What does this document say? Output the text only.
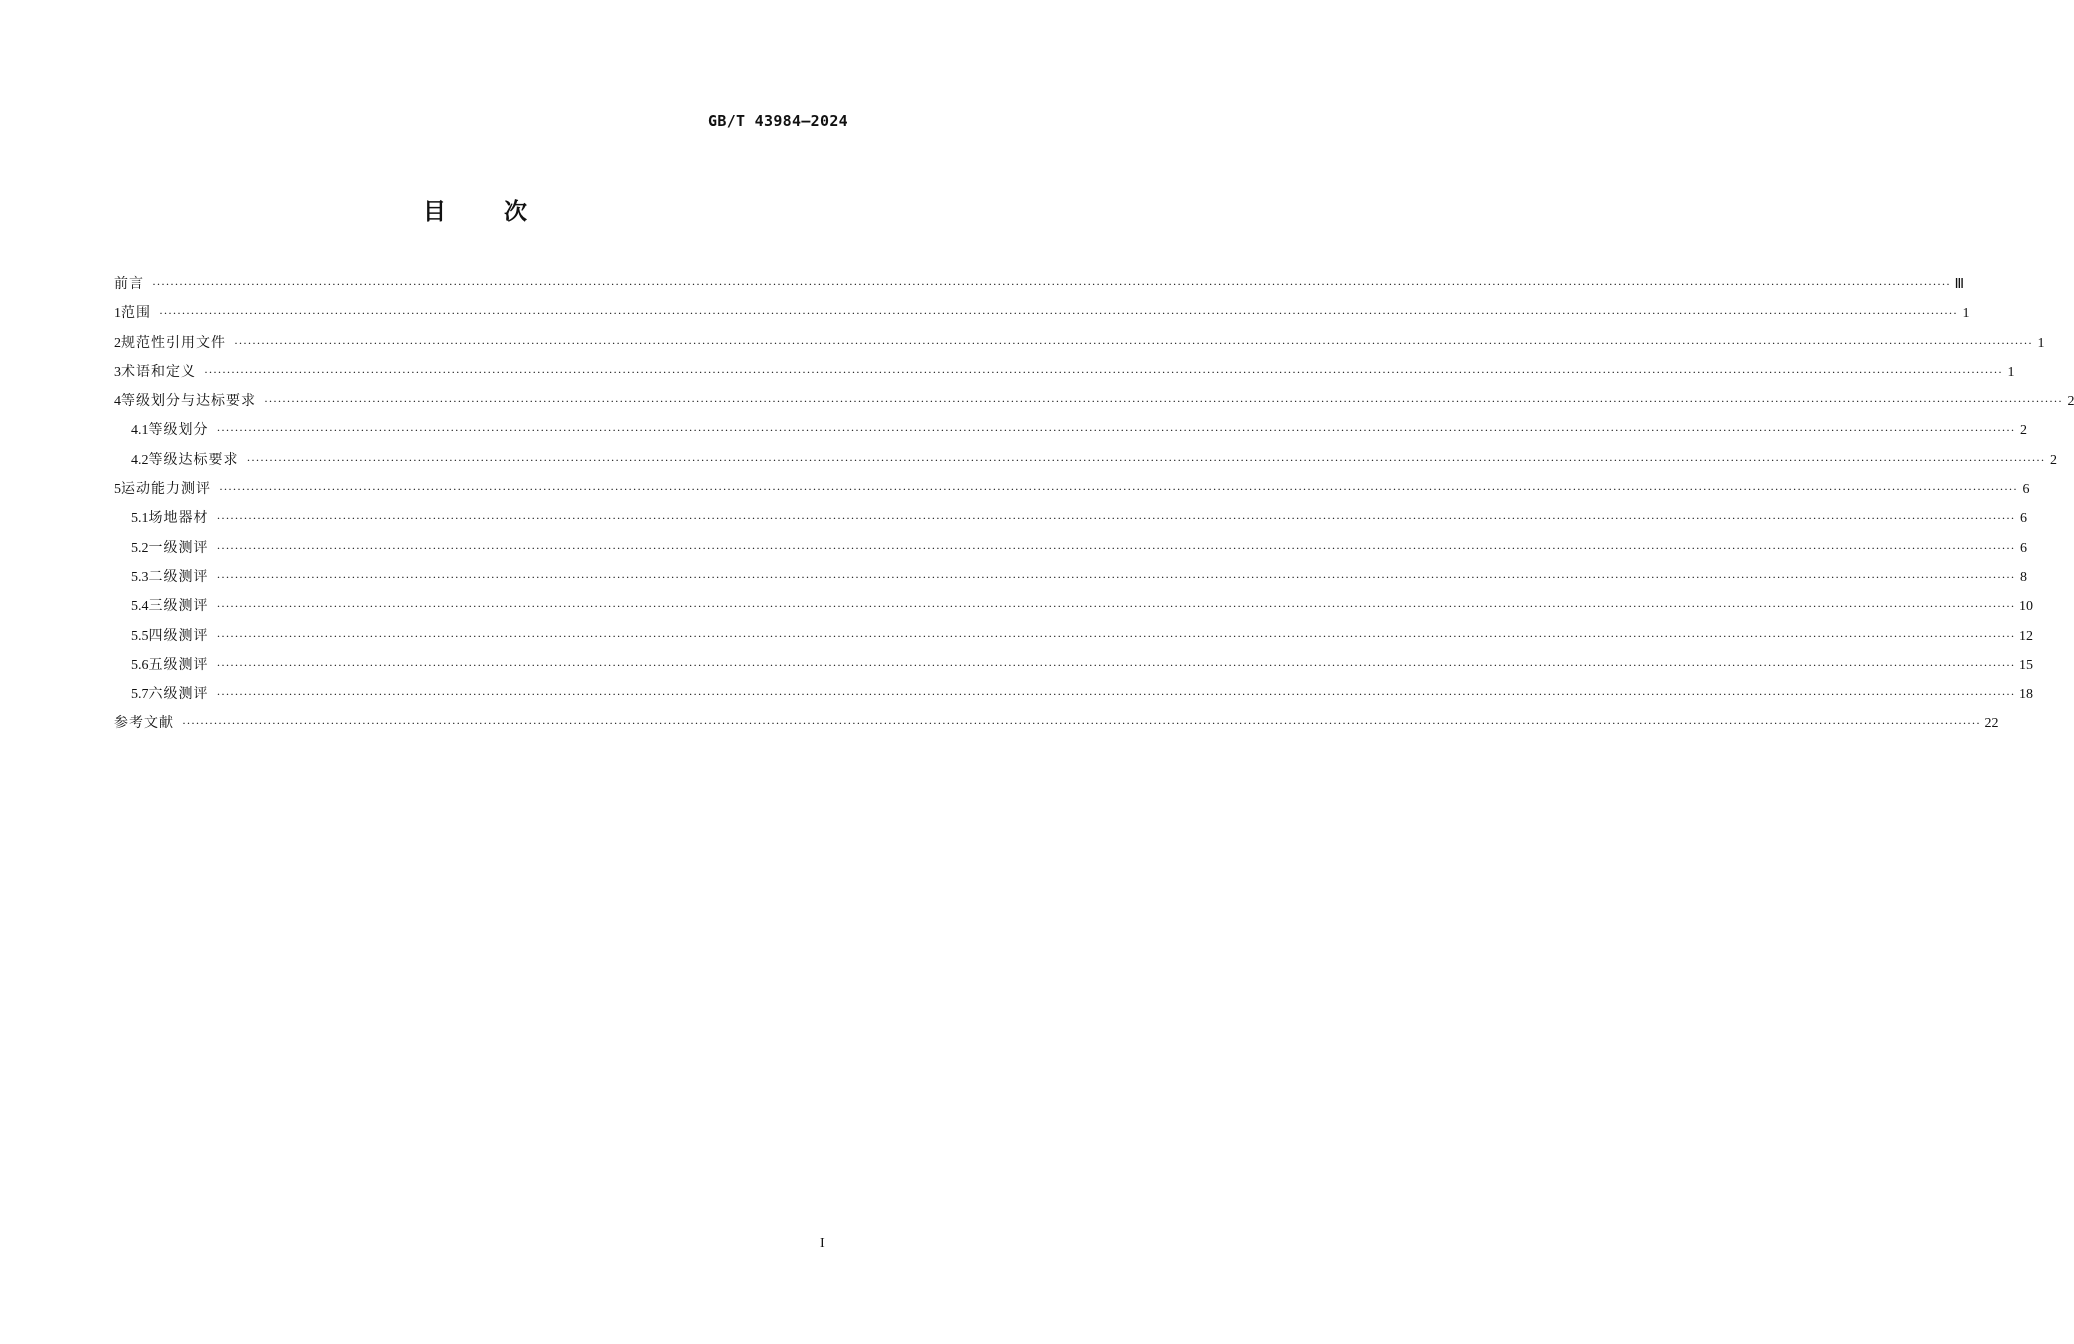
GB/T 43984—2024
目	次
前言 ················································································································································································································································································································································································································ Ⅲ
1 范围 ················································································································································································································································································································································································································ 1
2 规范性引用文件 ················································································································································································································································································································································································································ 1
3 术语和定义 ················································································································································································································································································································································································································ 1
4 等级划分与达标要求 ················································································································································································································································································································································································································ 2
4.1 等级划分 ················································································································································································································································································································································································································ 2
4.2 等级达标要求 ················································································································································································································································································································································································································ 2
5 运动能力测评 ················································································································································································································································································································································································································ 6
5.1 场地器材 ················································································································································································································································································································································································································ 6
5.2 一级测评 ················································································································································································································································································································································································································ 6
5.3 二级测评 ················································································································································································································································································································································································································ 8
5.4 三级测评 ················································································································································································································································································································································································································ 10
5.5 四级测评 ················································································································································································································································································································································································································ 12
5.6 五级测评 ················································································································································································································································································································································································································ 15
5.7 六级测评 ················································································································································································································································································································································································································ 18
参考文献 ················································································································································································································································································································································································································ 22
I
